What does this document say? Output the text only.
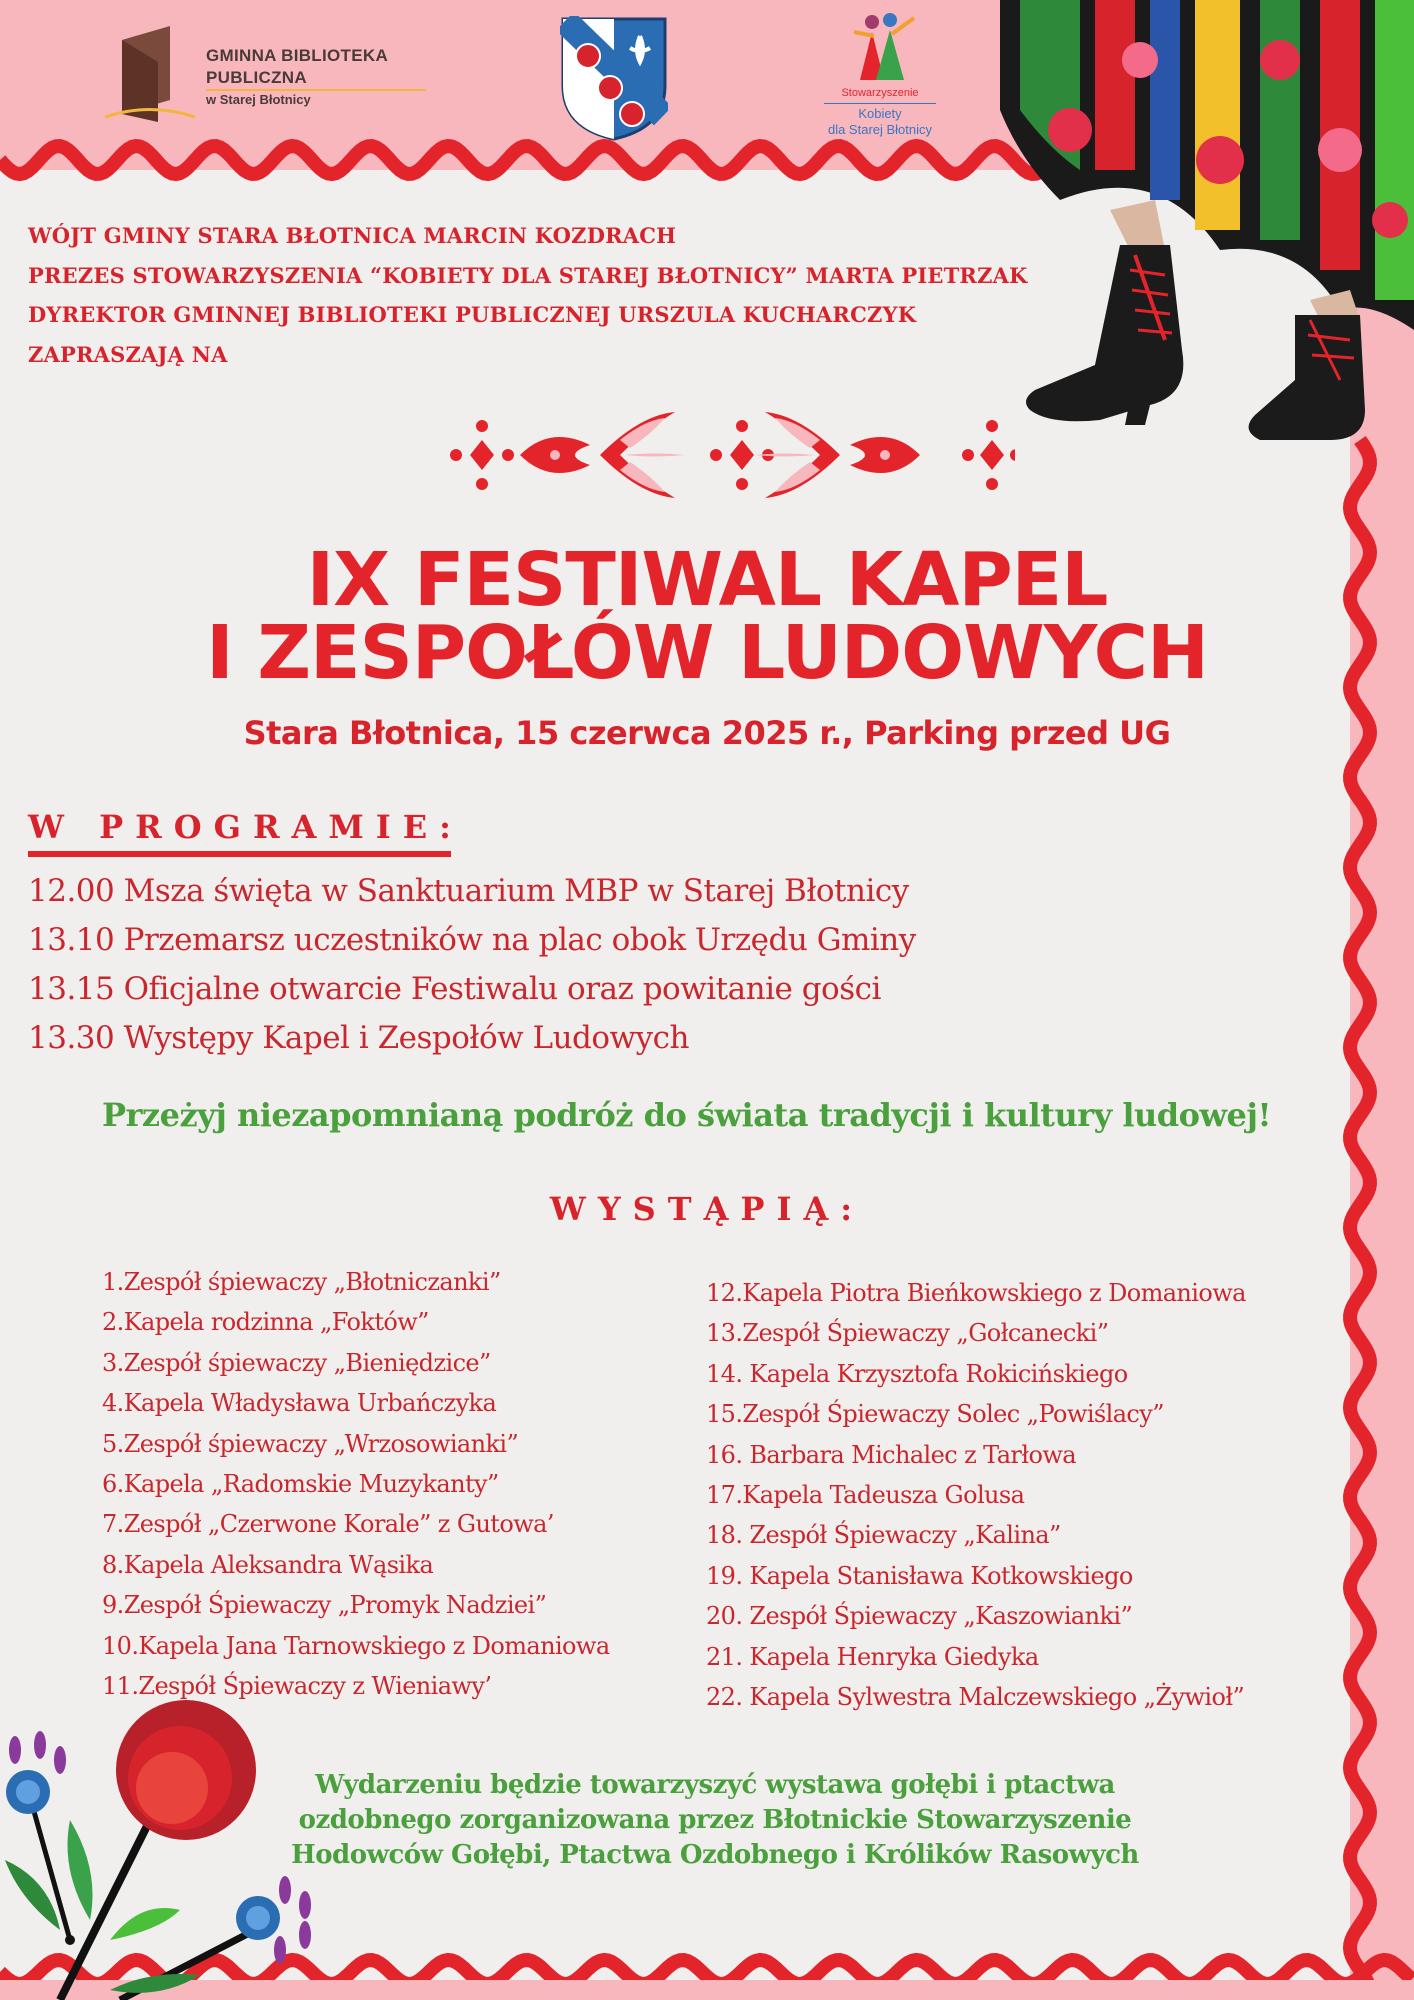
GMINNA BIBLIOTEKA
PUBLICZNA
w Starej Błotnicy	Stowarzyszenie
Kobiety
dla Starej Błotnicy
WÓJT GMINY STARA BŁOTNICA MARCIN KOZDRACH
PREZES STOWARZYSZENIA “KOBIETY DLA STAREJ BŁOTNICY” MARTA PIETRZAK
DYREKTOR GMINNEJ BIBLIOTEKI PUBLICZNEJ URSZULA KUCHARCZYK
ZAPRASZAJĄ NA
IX FESTIWAL KAPEL
I ZESPOŁÓW LUDOWYCH
Stara Błotnica, 15 czerwca 2025 r., Parking przed UG
W PROGRAMIE:
12.00 Msza święta w Sanktuarium MBP w Starej Błotnicy
13.10 Przemarsz uczestników na plac obok Urzędu Gminy
13.15 Oficjalne otwarcie Festiwalu oraz powitanie gości
13.30 Występy Kapel i Zespołów Ludowych
Przeżyj niezapomnianą podróż do świata tradycji i kultury ludowej!
WYSTĄPIĄ:
1.Zespół śpiewaczy „Błotniczanki”
2.Kapela rodzinna „Foktów”
3.Zespół śpiewaczy „Bieniędzice”
4.Kapela Władysława Urbańczyka
5.Zespół śpiewaczy „Wrzosowianki”
6.Kapela „Radomskie Muzykanty”
7.Zespół „Czerwone Korale” z Gutowa’
8.Kapela Aleksandra Wąsika
9.Zespół Śpiewaczy „Promyk Nadziei”
10.Kapela Jana Tarnowskiego z Domaniowa
11.Zespół Śpiewaczy z Wieniawy’
12.Kapela Piotra Bieńkowskiego z Domaniowa
13.Zespół Śpiewaczy „Gołcanecki”
14. Kapela Krzysztofa Rokicińskiego
15.Zespół Śpiewaczy Solec „Powiślacy”
16. Barbara Michalec z Tarłowa
17.Kapela Tadeusza Golusa
18. Zespół Śpiewaczy „Kalina”
19. Kapela Stanisława Kotkowskiego
20. Zespół Śpiewaczy „Kaszowianki”
21. Kapela Henryka Giedyka
22. Kapela Sylwestra Malczewskiego „Żywioł”
Wydarzeniu będzie towarzyszyć wystawa gołębi i ptactwa
ozdobnego zorganizowana przez Błotnickie Stowarzyszenie
Hodowców Gołębi, Ptactwa Ozdobnego i Królików Rasowych
